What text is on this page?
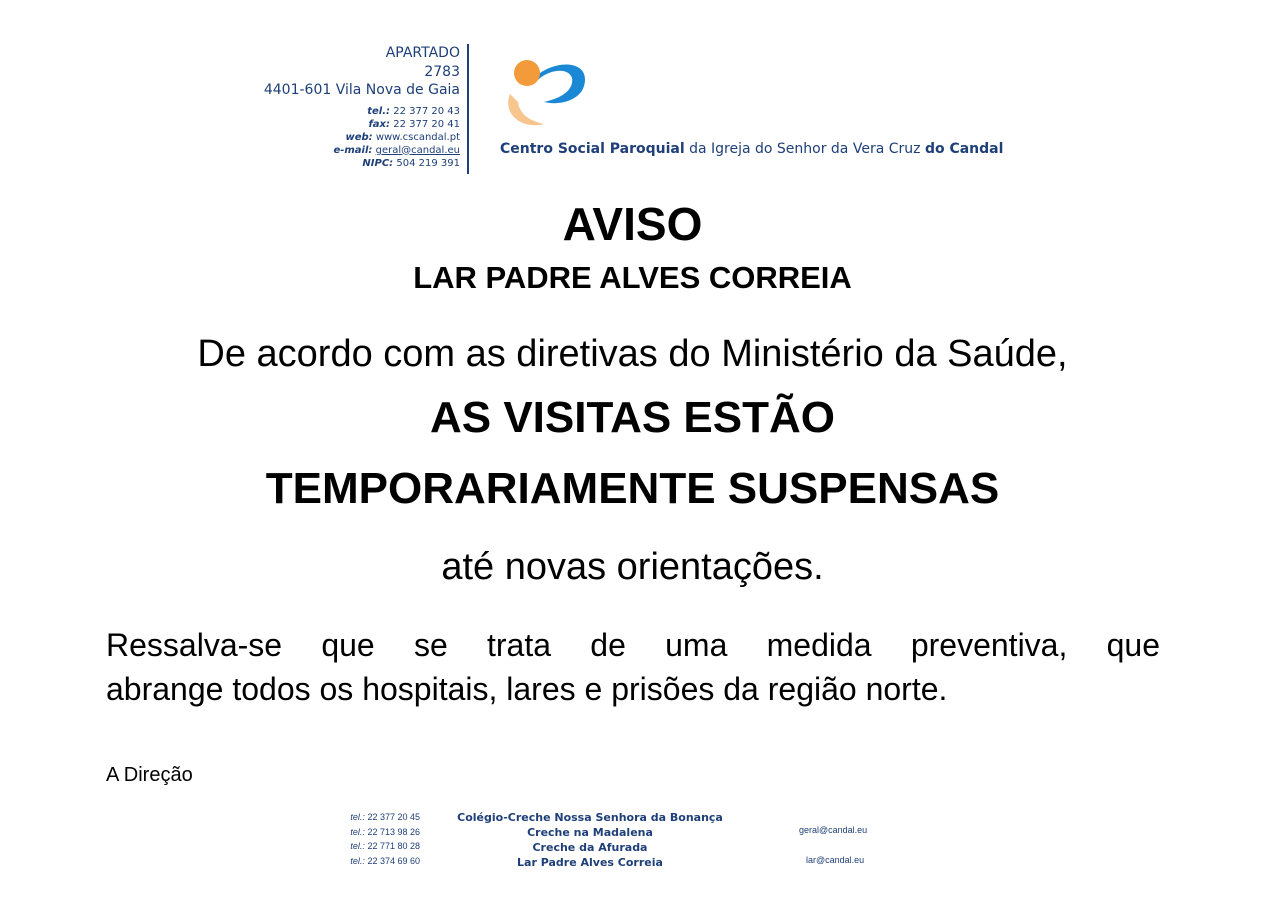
APARTADO
2783
4401-601 Vila Nova de Gaia
tel.: 22 377 20 43
fax: 22 377 20 41
web: www.cscandal.pt
e-mail: geral@candal.eu
NIPC: 504 219 391
Centro Social Paroquial da Igreja do Senhor da Vera Cruz do Candal
AVISO
LAR PADRE ALVES CORREIA
De acordo com as diretivas do Ministério da Saúde,
AS VISITAS ESTÃO
TEMPORARIAMENTE SUSPENSAS
até novas orientações.
Ressalva-se que se trata de uma medida preventiva, que
abrange todos os hospitais, lares e prisões da região norte.
A Direção
tel.: 22 377 20 45
tel.: 22 713 98 26
tel.: 22 771 80 28
tel.: 22 374 69 60
Colégio-Creche Nossa Senhora da Bonança
Creche na Madalena
Creche da Afurada
Lar Padre Alves Correia
geral@candal.eu
lar@candal.eu
